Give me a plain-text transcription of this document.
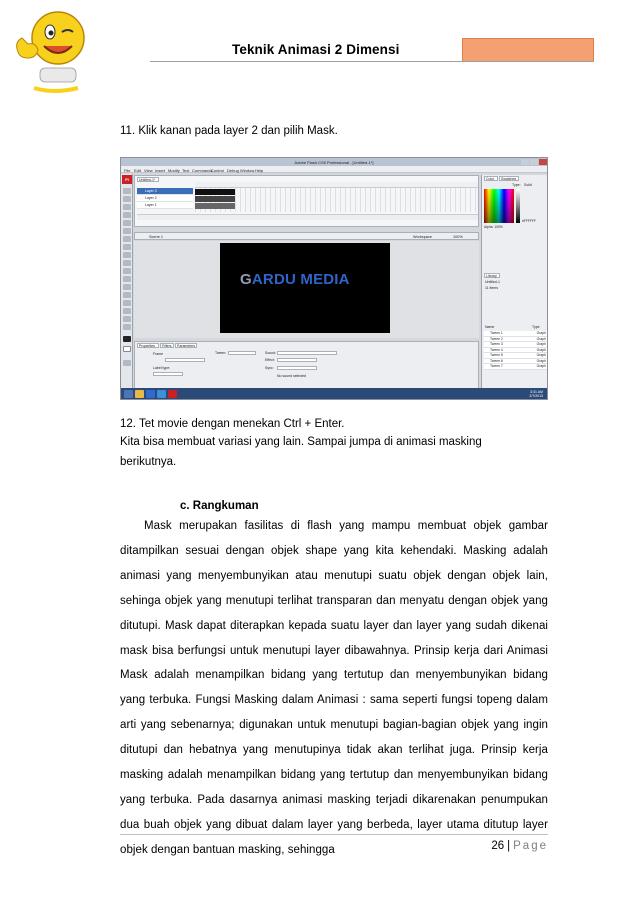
Teknik Animasi 2 Dimensi
11. Klik kanan pada layer 2 dan pilih Mask.
Adobe Flash CS5 Professional - [Untitled-1*]
File Edit View Insert Modify Text Commands
Control Debug Window Help
Fl	Untitled-1*
Layer 3
Layer 2
Layer 1
Scene 1	Workspace	100%
GARDU MEDIA
Properties	Filters	Parameters
Frame
Label type:
Tween:	Sound:
Effect:
Sync:
No sound selected
Color	Swatches
Type: Solid
#FFFFFF
Alpha: 100%
Library
Untitled-1
11 items
Name	Type
Tween 1	Graph
Tween 2	Graph
Tween 3	Graph
Tween 4	Graph
Tween 5	Graph
Tween 6	Graph
Tween 7	Graph
3:31 AM
2/7/2013
12. Tet movie dengan menekan Ctrl + Enter.
Kita bisa membuat variasi yang lain. Sampai jumpa di animasi masking
berikutnya.
c. Rangkuman
Mask merupakan fasilitas di flash yang mampu membuat objek gambar ditampilkan sesuai dengan objek shape yang kita kehendaki. Masking adalah animasi yang menyembunyikan atau menutupi suatu objek dengan objek lain, sehinga objek yang menutupi terlihat transparan dan menyatu dengan objek yang ditutupi. Mask dapat diterapkan kepada suatu layer dan layer yang sudah dikenai mask bisa berfungsi untuk menutupi layer dibawahnya. Prinsip kerja dari Animasi Mask adalah menampilkan bidang yang tertutup dan menyembunyikan bidang yang terbuka. Fungsi Masking dalam Animasi : sama seperti fungsi topeng dalam arti yang sebenarnya; digunakan untuk menutupi bagian-bagian objek yang ingin ditutupi dan hebatnya yang menutupinya tidak akan terlihat juga. Prinsip kerja masking adalah menampilkan bidang yang tertutup dan menyembunyikan bidang yang terbuka. Pada dasarnya animasi masking terjadi dikarenakan penumpukan dua buah objek yang dibuat dalam layer yang berbeda, layer utama ditutup layer objek dengan bantuan masking, sehingga	26 | Page
